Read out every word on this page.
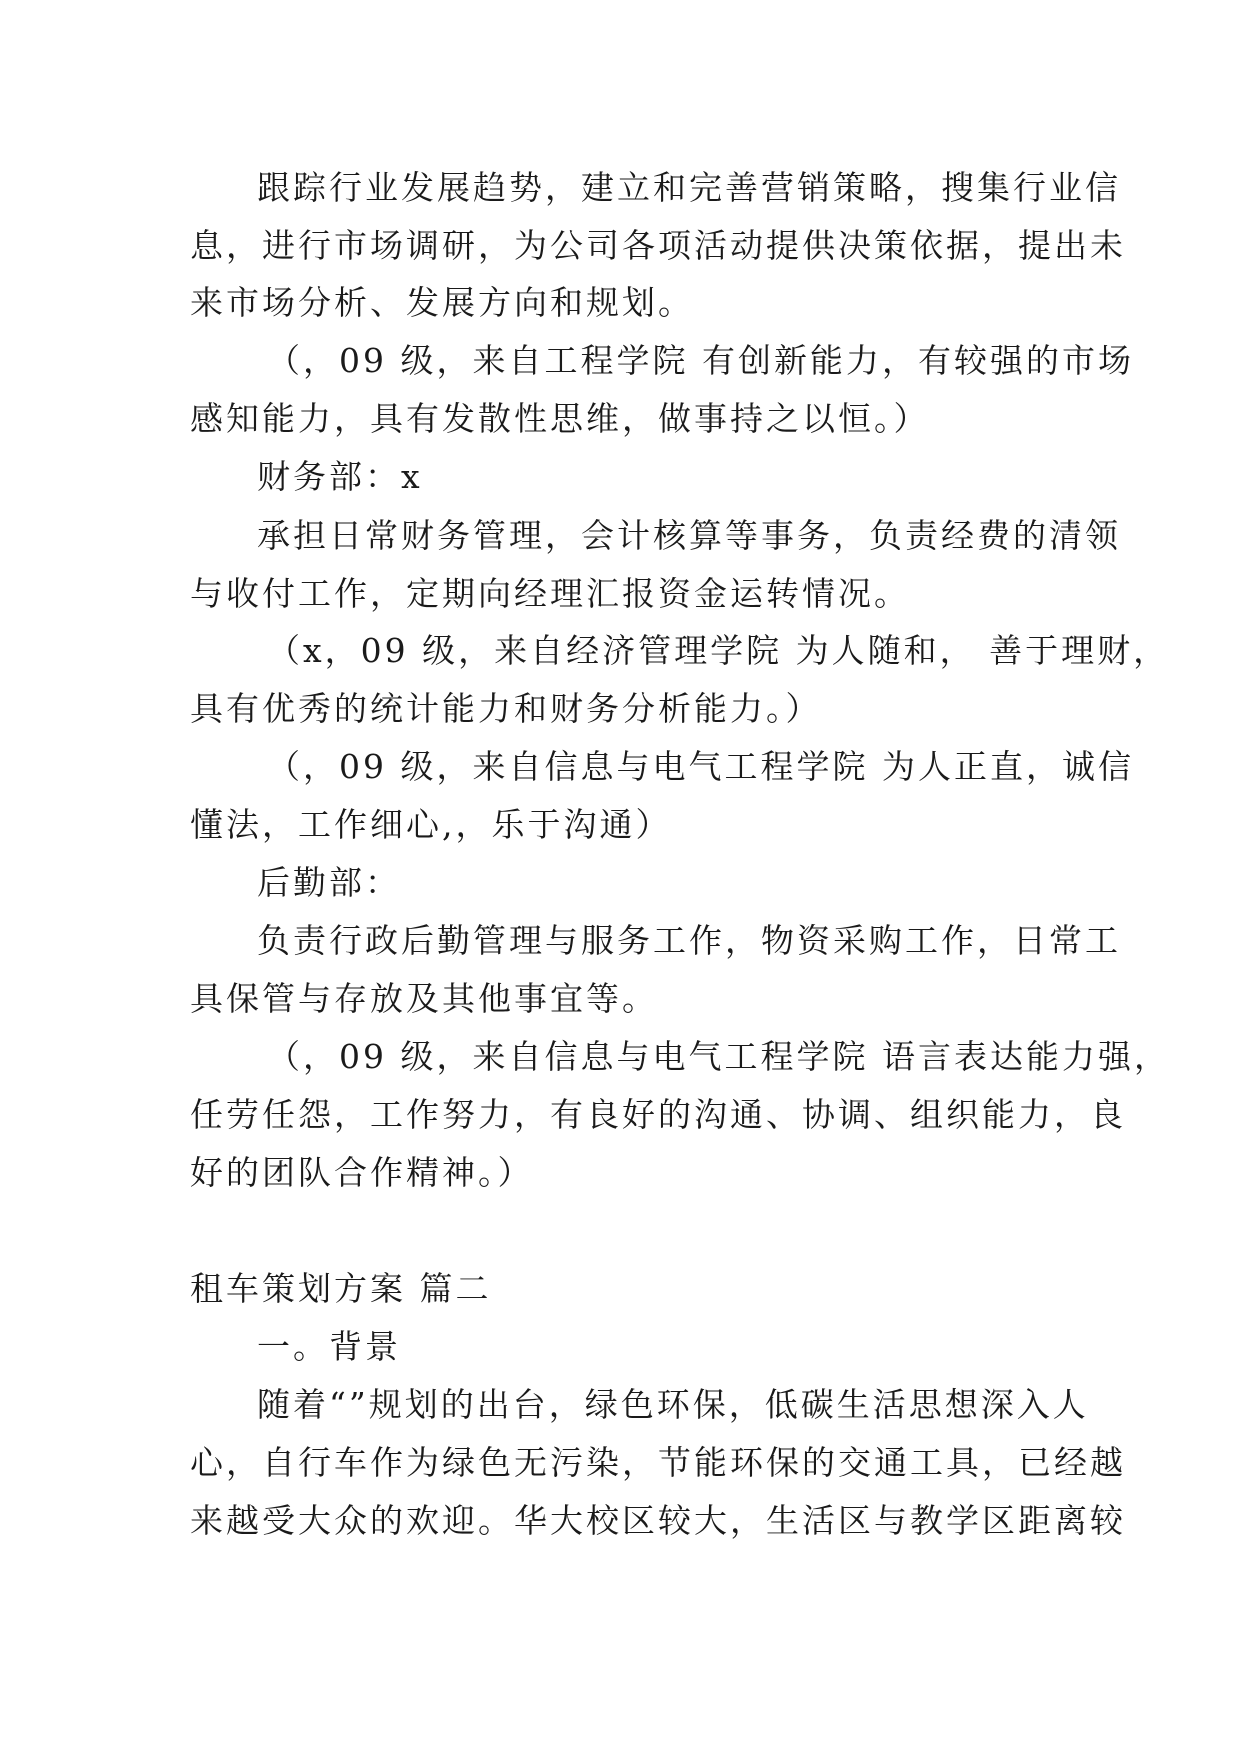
跟踪行业发展趋势，建立和完善营销策略，搜集行业信
息，进行市场调研，为公司各项活动提供决策依据，提出未
来市场分析、发展方向和规划。
（，09 级，来自工程学院 有创新能力，有较强的市场
感知能力，具有发散性思维，做事持之以恒。）
财务部：x
承担日常财务管理，会计核算等事务，负责经费的清领
与收付工作，定期向经理汇报资金运转情况。
（x，09 级，来自经济管理学院 为人随和， 善于理财，
具有优秀的统计能力和财务分析能力。）
（，09 级，来自信息与电气工程学院 为人正直，诚信
懂法，工作细心,，乐于沟通）
后勤部：
负责行政后勤管理与服务工作，物资采购工作，日常工
具保管与存放及其他事宜等。
（，09 级，来自信息与电气工程学院 语言表达能力强，
任劳任怨，工作努力，有良好的沟通、协调、组织能力，良
好的团队合作精神。）
租车策划方案 篇二
一。背景
随着“”规划的出台，绿色环保，低碳生活思想深入人
心，自行车作为绿色无污染，节能环保的交通工具，已经越
来越受大众的欢迎。华大校区较大，生活区与教学区距离较
